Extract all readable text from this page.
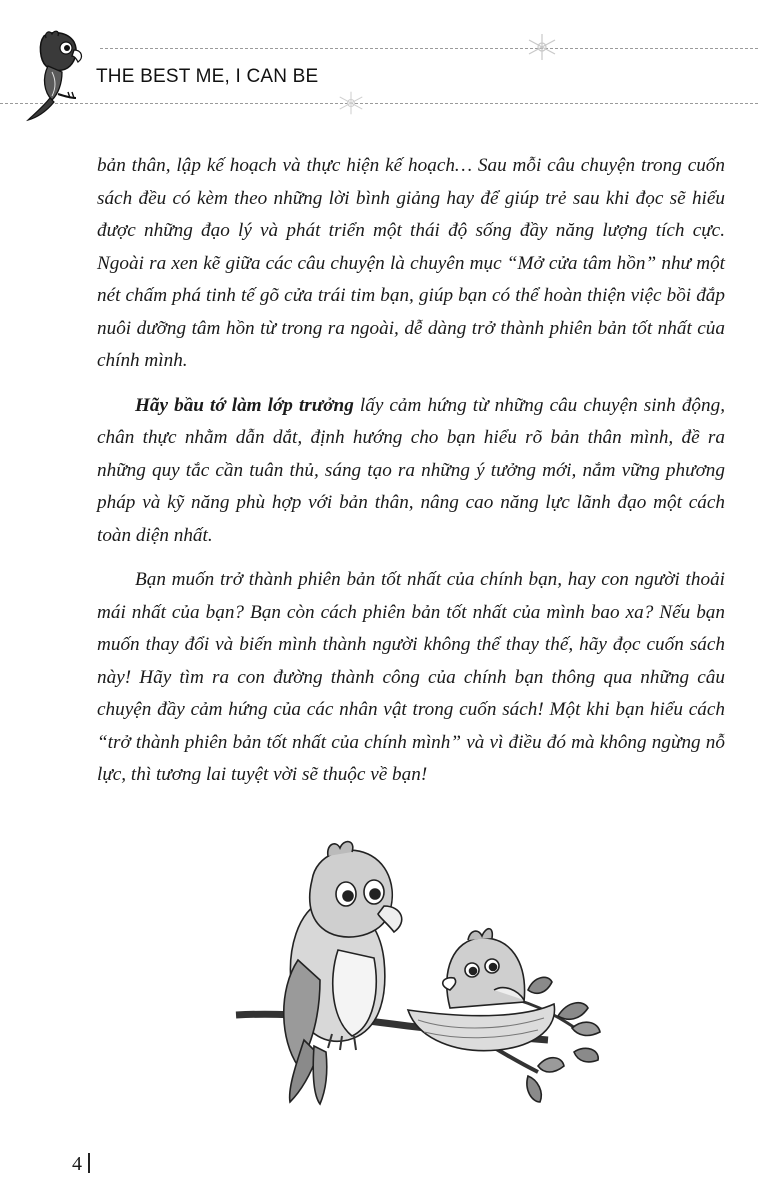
THE BEST ME, I CAN BE

bản thân, lập kế hoạch và thực hiện kế hoạch… Sau mỗi câu chuyện trong cuốn sách đều có kèm theo những lời bình giảng hay để giúp trẻ sau khi đọc sẽ hiểu được những đạo lý và phát triển một thái độ sống đầy năng lượng tích cực. Ngoài ra xen kẽ giữa các câu chuyện là chuyên mục “Mở cửa tâm hồn” như một nét chấm phá tinh tế gõ cửa trái tim bạn, giúp bạn có thể hoàn thiện việc bồi đắp nuôi dưỡng tâm hồn từ trong ra ngoài, dễ dàng trở thành phiên bản tốt nhất của chính mình.

Hãy bầu tớ làm lớp trưởng lấy cảm hứng từ những câu chuyện sinh động, chân thực nhằm dẫn dắt, định hướng cho bạn hiểu rõ bản thân mình, đề ra những quy tắc cần tuân thủ, sáng tạo ra những ý tưởng mới, nắm vững phương pháp và kỹ năng phù hợp với bản thân, nâng cao năng lực lãnh đạo một cách toàn diện nhất.

Bạn muốn trở thành phiên bản tốt nhất của chính bạn, hay con người thoải mái nhất của bạn? Bạn còn cách phiên bản tốt nhất của mình bao xa? Nếu bạn muốn thay đổi và biến mình thành người không thể thay thế, hãy đọc cuốn sách này! Hãy tìm ra con đường thành công của chính bạn thông qua những câu chuyện đầy cảm hứng của các nhân vật trong cuốn sách! Một khi bạn hiểu cách “trở thành phiên bản tốt nhất của chính mình” và vì điều đó mà không ngừng nỗ lực, thì tương lai tuyệt vời sẽ thuộc về bạn!

4
